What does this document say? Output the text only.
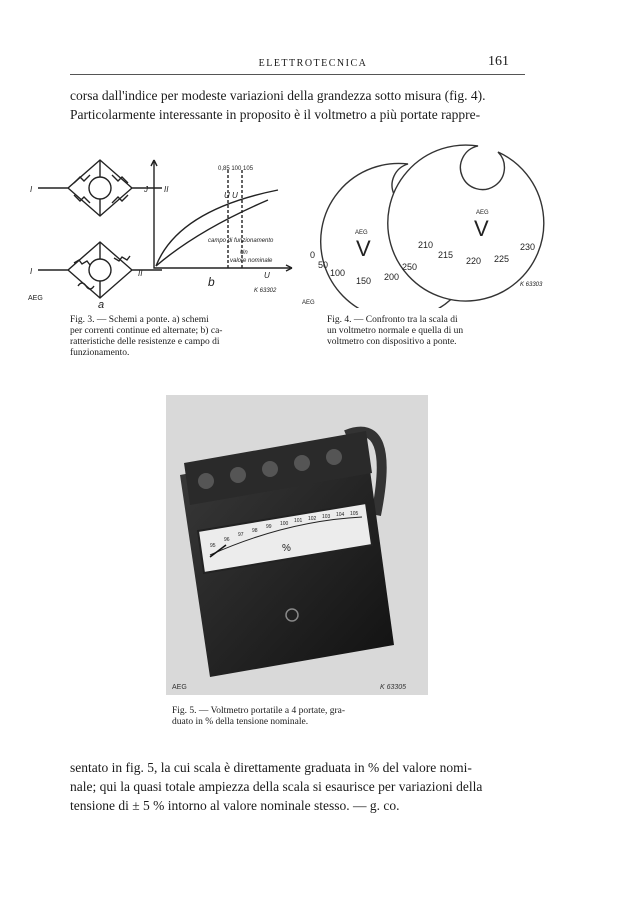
ELETTROTECNICA	161
corsa dall'indice per modeste variazioni della grandezza sotto misura (fig. 4).
Particolarmente interessante in proposito è il voltmetro a più portate rappre-
I	II
I	II
AEG
a
b
J
U
U U
0,85 100 105
campo di funzionamento
Un
valore nominale
K 63302
Fig. 3. — Schemi a ponte. a) schemi
per correnti continue ed alternate; b) ca-
ratteristiche delle resistenze e campo di
funzionamento.
AEG
V
0
50
100
150 200
250
AEG
V
210
215
220 225
230
AEG
K 63303
Fig. 4. — Confronto tra la scala di
un voltmetro normale e quella di un
voltmetro con dispositivo a ponte.
95
96
97
98
99 100 101 102 103 104 105
%
AEG	K 63305
Fig. 5. — Voltmetro portatile a 4 portate, gra-
duato in % della tensione nominale.
sentato in fig. 5, la cui scala è direttamente graduata in % del valore nomi-
nale; qui la quasi totale ampiezza della scala si esaurisce per variazioni della
tensione di ± 5 % intorno al valore nominale stesso. — g. co.
